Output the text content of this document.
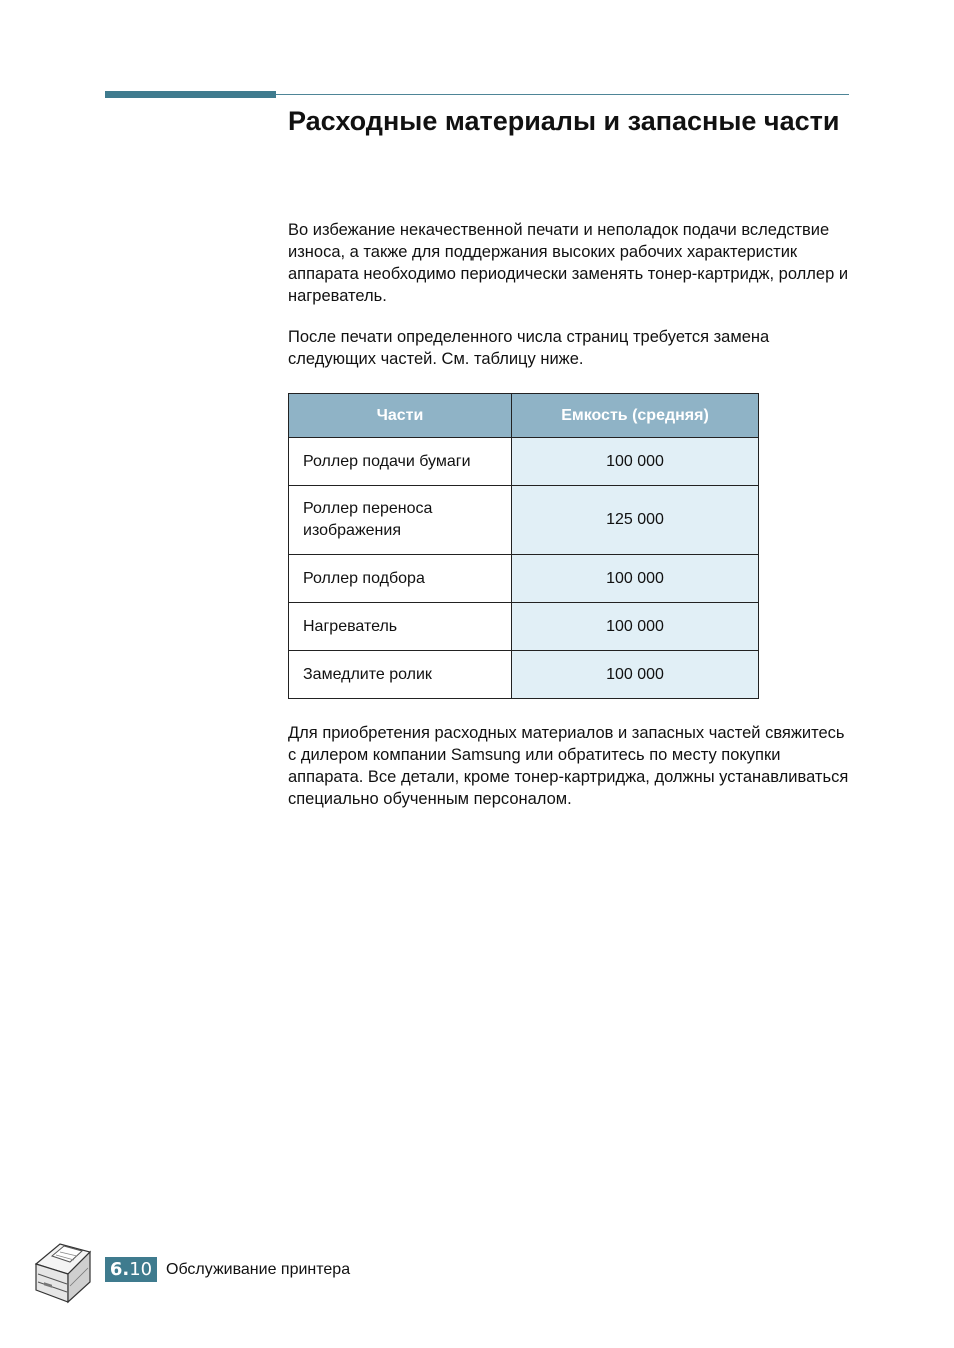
Расходные материалы и запасные части

Во избежание некачественной печати и неполадок подачи вследствие износа, а также для поддержания высоких рабочих характеристик аппарата необходимо периодически заменять тонер-картридж, роллер и нагреватель.

После печати определенного числа страниц требуется замена следующих частей. См. таблицу ниже.

Части	Емкость (средняя)
Роллер подачи бумаги	100 000
Роллер переноса изображения	125 000
Роллер подбора	100 000
Нагреватель	100 000
Замедлите ролик	100 000

Для приобретения расходных материалов и запасных частей свяжитесь с дилером компании Samsung или обратитесь по месту покупки аппарата. Все детали, кроме тонер-картриджа, должны устанавливаться специально обученным персоналом.

6.10 Обслуживание принтера
